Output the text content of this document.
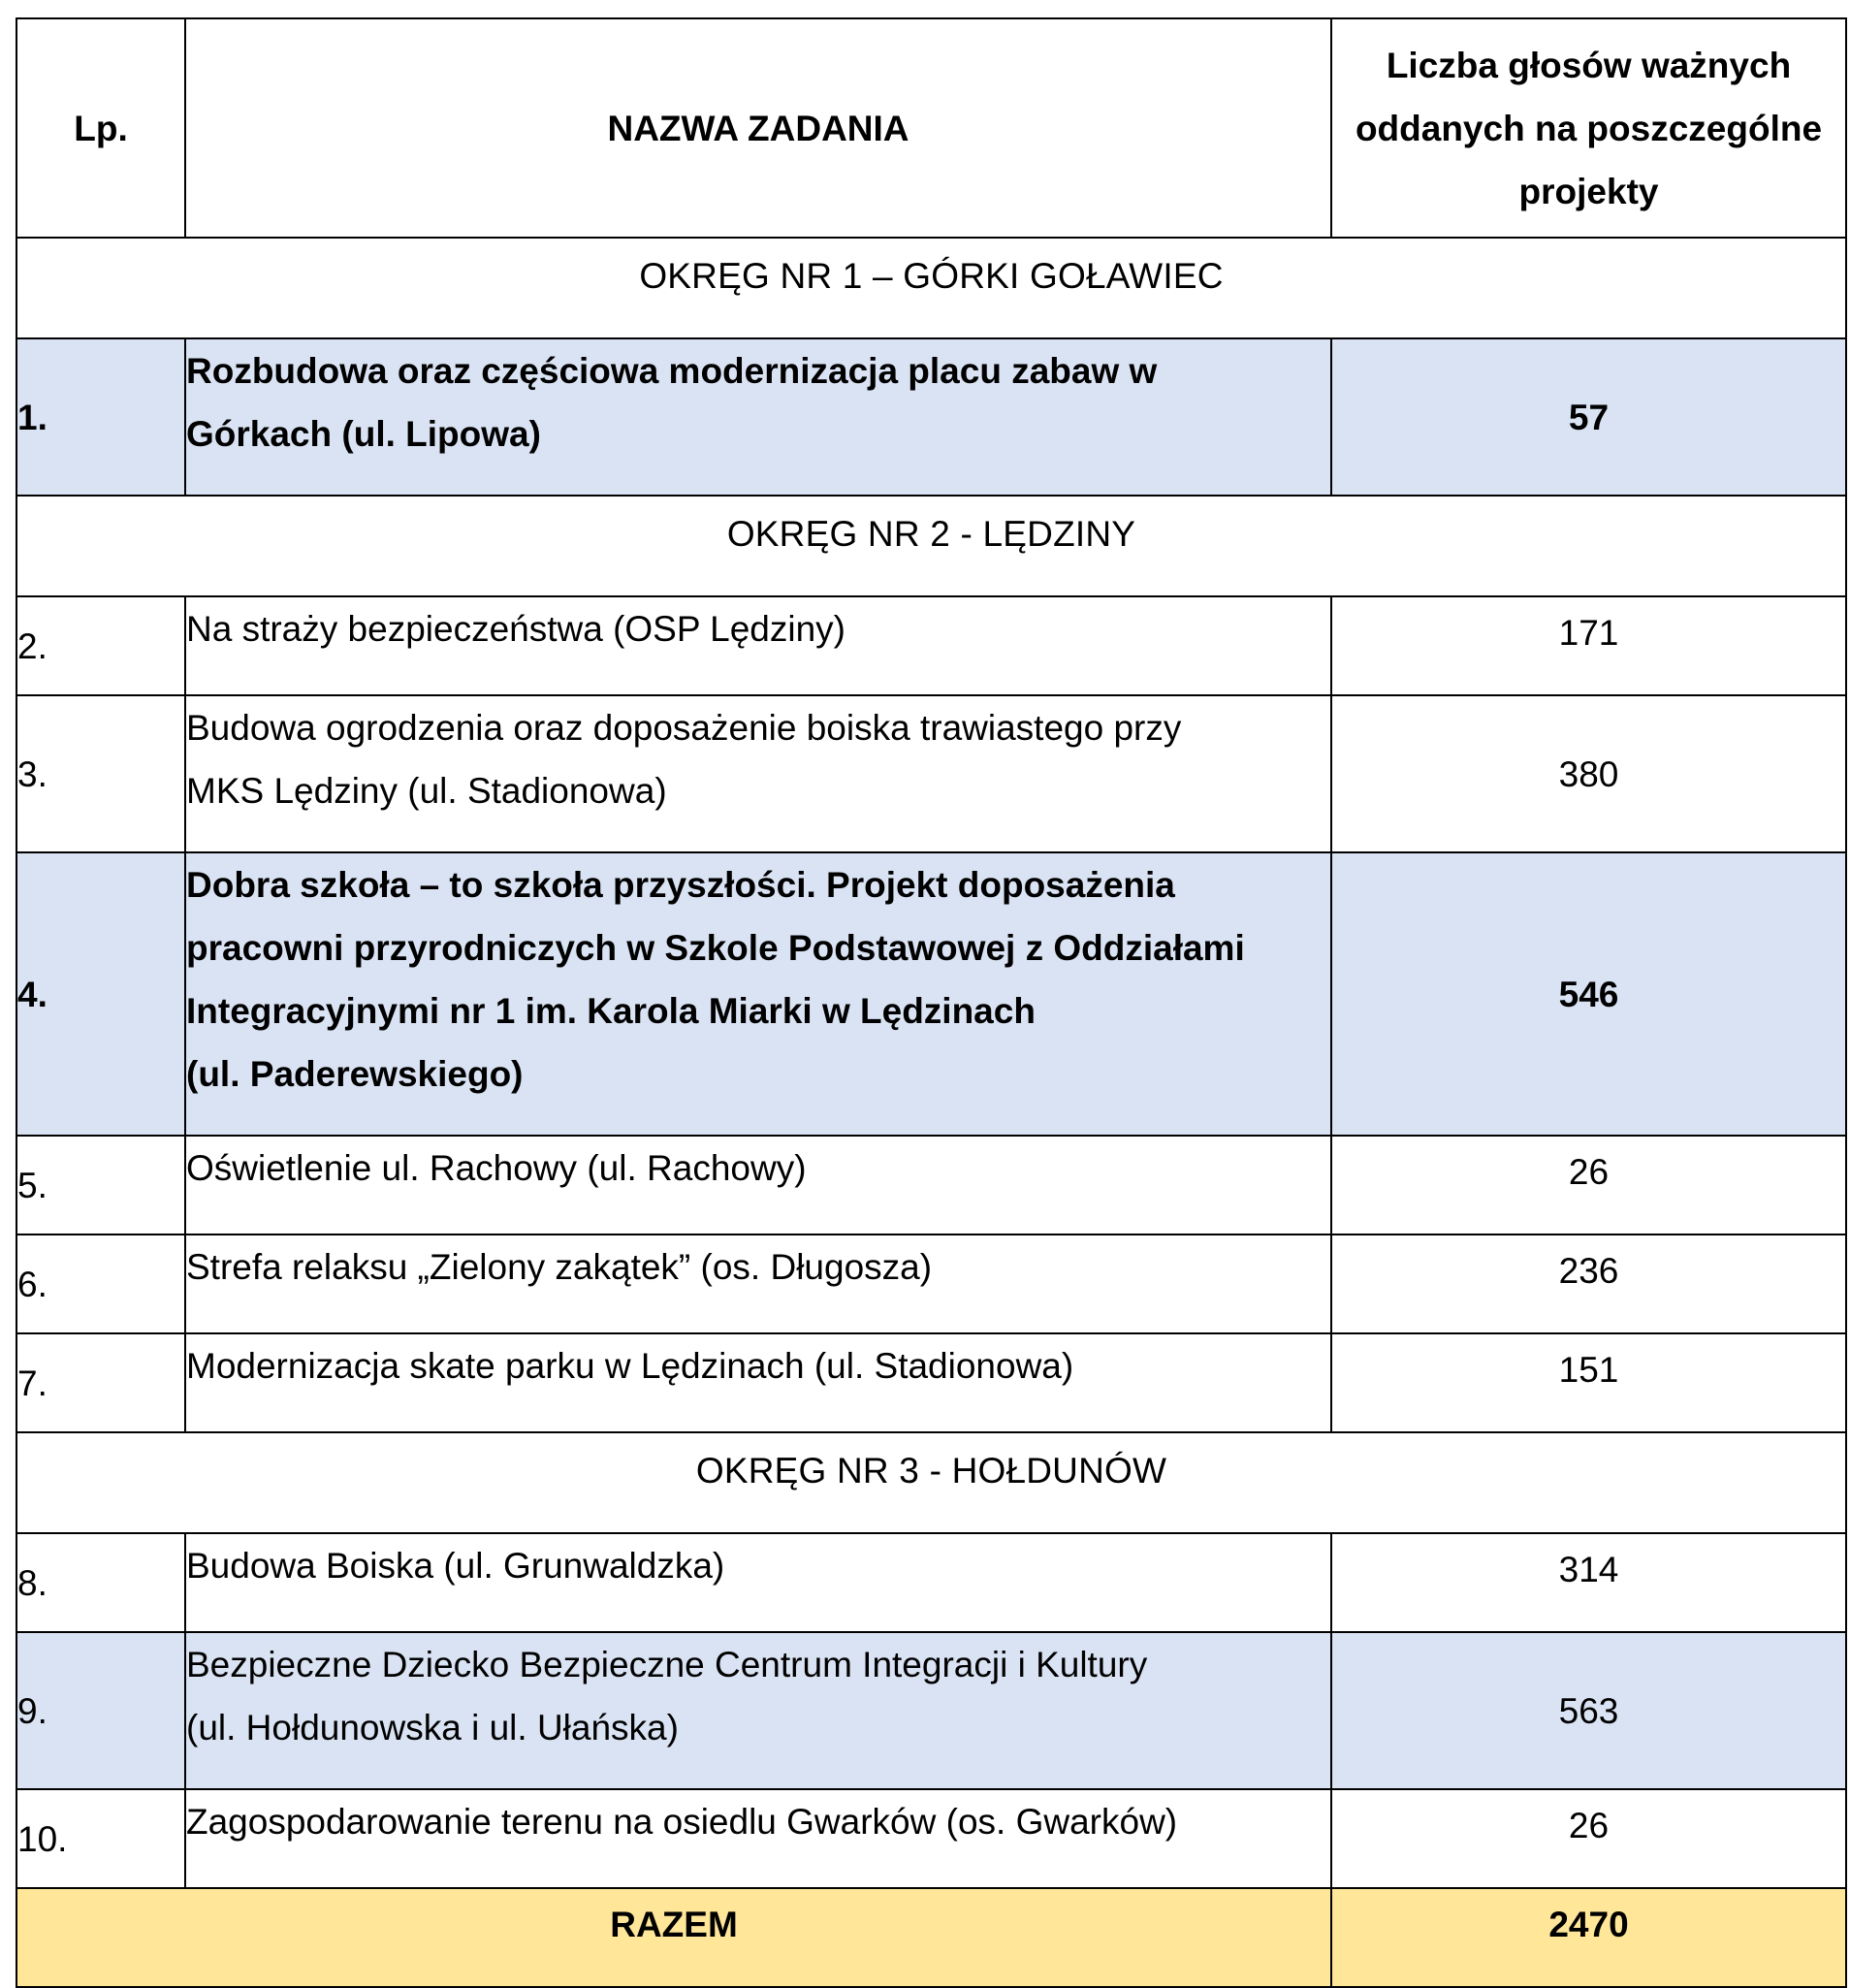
Lp.	NAZWA ZADANIA	Liczba głosów ważnych
oddanych na poszczególne
projekty

OKRĘG NR 1 – GÓRKI GOŁAWIEC		
1.	Rozbudowa oraz częściowa modernizacja placu zabaw w
Górkach (ul. Lipowa)	57
OKRĘG NR 2 - LĘDZINY		
2.	Na straży bezpieczeństwa (OSP Lędziny)	171
3.	Budowa ogrodzenia oraz doposażenie boiska trawiastego przy
MKS Lędziny (ul. Stadionowa)	380
4.	Dobra szkoła – to szkoła przyszłości. Projekt doposażenia
pracowni przyrodniczych w Szkole Podstawowej z Oddziałami
Integracyjnymi nr 1 im. Karola Miarki w Lędzinach
(ul. Paderewskiego)	546
5.	Oświetlenie ul. Rachowy (ul. Rachowy)	26
6.	Strefa relaksu „Zielony zakątek” (os. Długosza)	236
7.	Modernizacja skate parku w Lędzinach (ul. Stadionowa)	151
OKRĘG NR 3 - HOŁDUNÓW		
8.	Budowa Boiska (ul. Grunwaldzka)	314
9.	Bezpieczne Dziecko Bezpieczne Centrum Integracji i Kultury
(ul. Hołdunowska i ul. Ułańska)	563
10.	Zagospodarowanie terenu na osiedlu Gwarków (os. Gwarków)	26
RAZEM		2470
